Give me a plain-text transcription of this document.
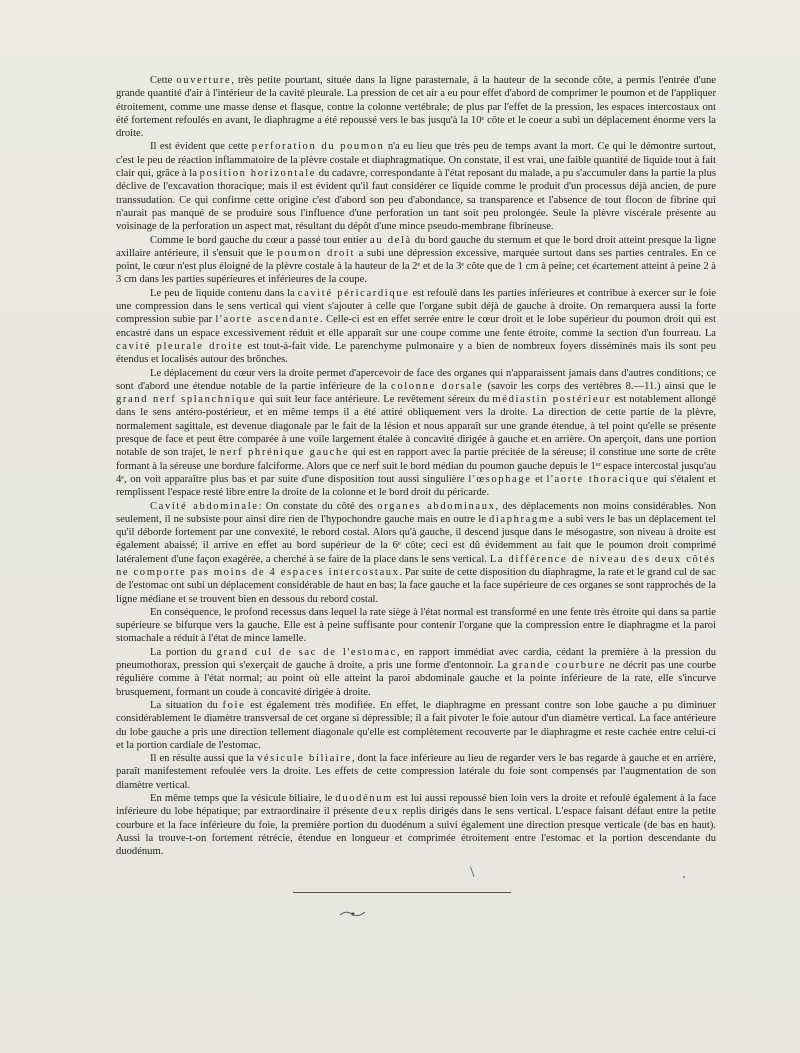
Cette ouverture, très petite pourtant, située dans la ligne parasternale, à la hauteur de la seconde côte, a permis l'entrée d'une grande quantité d'air à l'intérieur de la cavité pleurale. La pression de cet air a eu pour effet d'abord de comprimer le poumon et de l'appliquer étroitement, comme une masse dense et flasque, contre la colonne vertébrale; de plus par l'effet de la pression, les espaces intercostaux ont été fortement refoulés en avant, le diaphragme a été repoussé vers le bas jusqu'à la 10ᵉ côte et le coeur a subi un déplacement énorme vers la droite.

Il est évident que cette perforation du poumon n'a eu lieu que très peu de temps avant la mort. Ce qui le démontre surtout, c'est le peu de réaction inflammatoire de la plèvre costale et diaphragmatique. On constate, il est vrai, une faible quantité de liquide tout à fait clair qui, grâce à la position horizontale du cadavre, correspondante à l'état reposant du malade, a pu s'accumuler dans la partie la plus déclive de l'excavation thoracique; mais il est évident qu'il faut considérer ce liquide comme le produit d'un processus déjà ancien, de pure transsudation. Ce qui confirme cette origine c'est d'abord son peu d'abondance, sa transparence et l'absence de tout flocon de fibrine qui n'aurait pas manqué de se produire sous l'influence d'une perforation un tant soit peu prolongée. Seule la plèvre viscérale présente au voisinage de la perforation un aspect mat, résultant du dépôt d'une mince pseudo-membrane fibrineuse.

Comme le bord gauche du cœur a passé tout entier au delà du bord gauche du sternum et que le bord droit atteint presque la ligne axillaire antérieure, il s'ensuit que le poumon droit a subi une dépression excessive, marquée surtout dans ses parties centrales. En ce point, le cœur n'est plus éloigné de la plèvre costale à la hauteur de la 2ᵉ et de la 3ᵉ côte que de 1 cm à peine; cet écartement atteint à peine 2 à 3 cm dans les parties supérieures et inférieures de la coupe.

Le peu de liquide contenu dans la cavité péricardique est refoulé dans les parties inférieures et contribue à exercer sur le foie une compression dans le sens vertical qui vient s'ajouter à celle que l'organe subit déjà de gauche à droite. On remarquera aussi la forte compression subie par l'aorte ascendante. Celle-ci est en effet serrée entre le cœur droit et le lobe supérieur du poumon droit qui est encastré dans un espace excessivement réduit et elle apparaît sur une coupe comme une fente étroite, comme la section d'un fourreau. La cavité pleurale droite est tout-à-fait vide. Le parenchyme pulmonaire y a bien de nombreux foyers disséminés mais ils sont peu étendus et localisés autour des brônches.

Le déplacement du cœur vers la droite permet d'apercevoir de face des organes qui n'apparaissent jamais dans d'autres conditions; ce sont d'abord une étendue notable de la partie inférieure de la colonne dorsale (savoir les corps des vertèbres 8.—11.) ainsi que le grand nerf splanchnique qui suit leur face antérieure. Le revêtement séreux du médiastin postérieur est notablement allongé dans le sens antéro-postérieur, et en même temps il a été attiré obliquement vers la droite. La direction de cette partie de la plèvre, normalement sagittale, est devenue diagonale par le fait de la lésion et nous apparaît sur une grande étendue, à tel point qu'elle se présente presque de face et peut être comparée à une voile largement étalée à concavité dirigée à gauche et en arrière. On aperçoit, dans une portion notable de son trajet, le nerf phrénique gauche qui est en rapport avec la partie précitée de la séreuse; il constitue une sorte de crête formant à la séreuse une bordure falciforme. Alors que ce nerf suit le bord médian du poumon gauche depuis le 1ᵉʳ espace intercostal jusqu'au 4ᵉ, on voit apparaître plus bas et par suite d'une disposition tout aussi singulière l'œsophage et l'aorte thoracique qui s'étalent et remplissent l'espace resté libre entre la droite de la colonne et le bord droit du péricarde.

Cavité abdominale: On constate du côté des organes abdominaux, des déplacements non moins considérables. Non seulement, il ne subsiste pour ainsi dire rien de l'hypochondre gauche mais en outre le diaphragme a subi vers le bas un déplacement tel qu'il déborde fortement par une convexité, le rebord costal. Alors qu'à gauche, il descend jusque dans le mésogastre, son niveau à droite est également abaissé; il arrive en effet au bord supérieur de la 6ᵉ côte; ceci est dû évidemment au fait que le poumon droit comprimé latéralement d'une façon exagérée, a cherché à se faire de la place dans le sens vertical. La différence de niveau des deux côtés ne comporte pas moins de 4 espaces intercostaux. Par suite de cette disposition du diaphragme, la rate et le grand cul de sac de l'estomac ont subi un déplacement considérable de haut en bas; la face gauche et la face supérieure de ces organes se sont rapprochés de la ligne médiane et se trouvent bien en dessous du rebord costal.

En conséquence, le profond recessus dans lequel la rate siège à l'état normal est transformé en une fente très étroite qui dans sa partie supérieure se bifurque vers la gauche. Elle est à peine suffisante pour contenir l'organe que la compression entre le diaphragme et la paroi stomachale a réduit à l'état de mince lamelle.

La portion du grand cul de sac de l'estomac, en rapport immédiat avec cardia, cédant la première à la pression du pneumothorax, pression qui s'exerçait de gauche à droite, a pris une forme d'entonnoir. La grande courbure ne décrit pas une courbe régulière comme à l'état normal; au point où elle atteint la paroi abdominale gauche et la pointe inférieure de la rate, elle s'incurve brusquement, formant un coude à concavité dirigée à droite.

La situation du foie est également très modifiée. En effet, le diaphragme en pressant contre son lobe gauche a pu diminuer considérablement le diamètre transversal de cet organe si dépressible; il a fait pivoter le foie autour d'un diamètre vertical. La face antérieure du lobe gauche a pris une direction tellement diagonale qu'elle est complètement recouverte par le diaphragme et reste cachée entre celui-ci et la portion cardiale de l'estomac.

Il en résulte aussi que la vésicule biliaire, dont la face inférieure au lieu de regarder vers le bas regarde à gauche et en arrière, paraît manifestement refoulée vers la droite. Les effets de cette compression latérale du foie sont compensés par l'augmentation de son diamètre vertical.

En même temps que la vésicule biliaire, le duodénum est lui aussi repoussé bien loin vers la droite et refoulé également à la face inférieure du lobe hépatique; par extraordinaire il présente deux replis dirigés dans le sens vertical. L'espace faisant défaut entre la petite courbure et la face inférieure du foie, la première portion du duodénum a suivi également une direction presque verticale (de bas en haut). Aussi la trouve-t-on fortement rétrécie, étendue en longueur et comprimée étroitement entre l'estomac et la portion descendante du duodénum.

\
